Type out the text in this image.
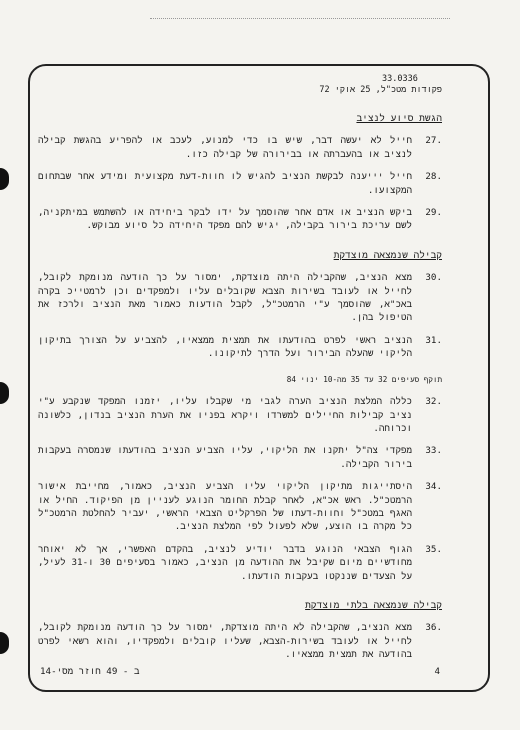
33.0336
פקודות מטכ"ל, 25 אוקי 72
הגשת סיוע לנציב
.27
חייל לא יעשה דבר, שיש בו כדי למנוע, לעכב או להפריע בהגשת קבילה לנציב או בהעברתה או בבירורה של קבילה כזו.
.28
חייל יייענה לבקשת הנציב להגיש לו חוות-דעת מקצועית ומידע אחר שבתחום המקצועו.
.29
ביקש הנציב או אדם אחר שהוסמך על ידו לבקר ביחידה או להשתמש במיתקניה, לשם עריכת בירור בקבילה, יגיש להם מפקד היחידה כל סיוע מבוקש.
קבילה שנמצאה מוצדקת
.30
מצא הנציב, שהקבילה היתה מוצדקת, ימסור על כך הודעה מנומקת לקובל, לחייל או לעובד בשירות הצבא שקובלים עליו ולמפקדים וכן לרמטייכ בקרה באכ"א, שהוסמך ע"י הרמטכ"ל, לקבל הודעות כאמור מאת הנציב ולרכז את הטיפול בהן.
.31
הנציב ראשי לפרט בהודעתו את תמצית ממצאיו, להצביע על הצורך בתיקון הליקוי שהעלה הבירור ועל הדרך לתיקונו.
תוקף סעיפים 32 עד 35 מה-10 ינוי 84
.32
כללה המלצת הנציב הערה לגבי מי שקבלו עליו, יזמנו המפקד שנקבע ע"י נציב קבילות החיילים למשרדו ויקרא בפניו את הערת הנציב בנדון, כלשונה וכרוחה.
.33
מפקדי צה"ל יתקנו את הליקוי, עליו הצביע הנציב בהודעתו שנמסרה בעקבות בירור הקבילה.
.34
היסתייגות מתיקון הליקוי עליו הצביע הנציב, כאמור, מחייבת אישור הרמטכ"ל. ראש אכ"א, לאחר קבלת החומר הנוגע לעניין מן הפיקוד. החיל או האגף במטכ"ל וחוות-דעתו של הפרקליט הצבאי הראשי, יעביר להחלטת הרמטכ"ל כל מקרה בו הוצע, שלא לפעול לפי המלצת הנציב.
.35
הגוף הצבאי הנוגע בדבר יודיע לנציב, בהקדם האפשרי, אך לא יאוחר מחודשיים מיום שקיבל את ההודעה מן הנציב, כאמור בסעיפים 30 ו-31 לעיל, על הצעדים שננקטו בעקבות הודעתו.
קבילה שנמצאה בלתי מוצדקת
.36
מצא הנציב, שהקבילה לא היתה מוצדקת, ימסור על כך הודעה מנומקת לקובל, לחייל או לעובד בשירות-הצבא, שעליו קובלים ולמפקדיו, והוא רשאי לפרט בהודעה את תמצית ממצאיו.
14-ב - 49 חוזר מסי	4
